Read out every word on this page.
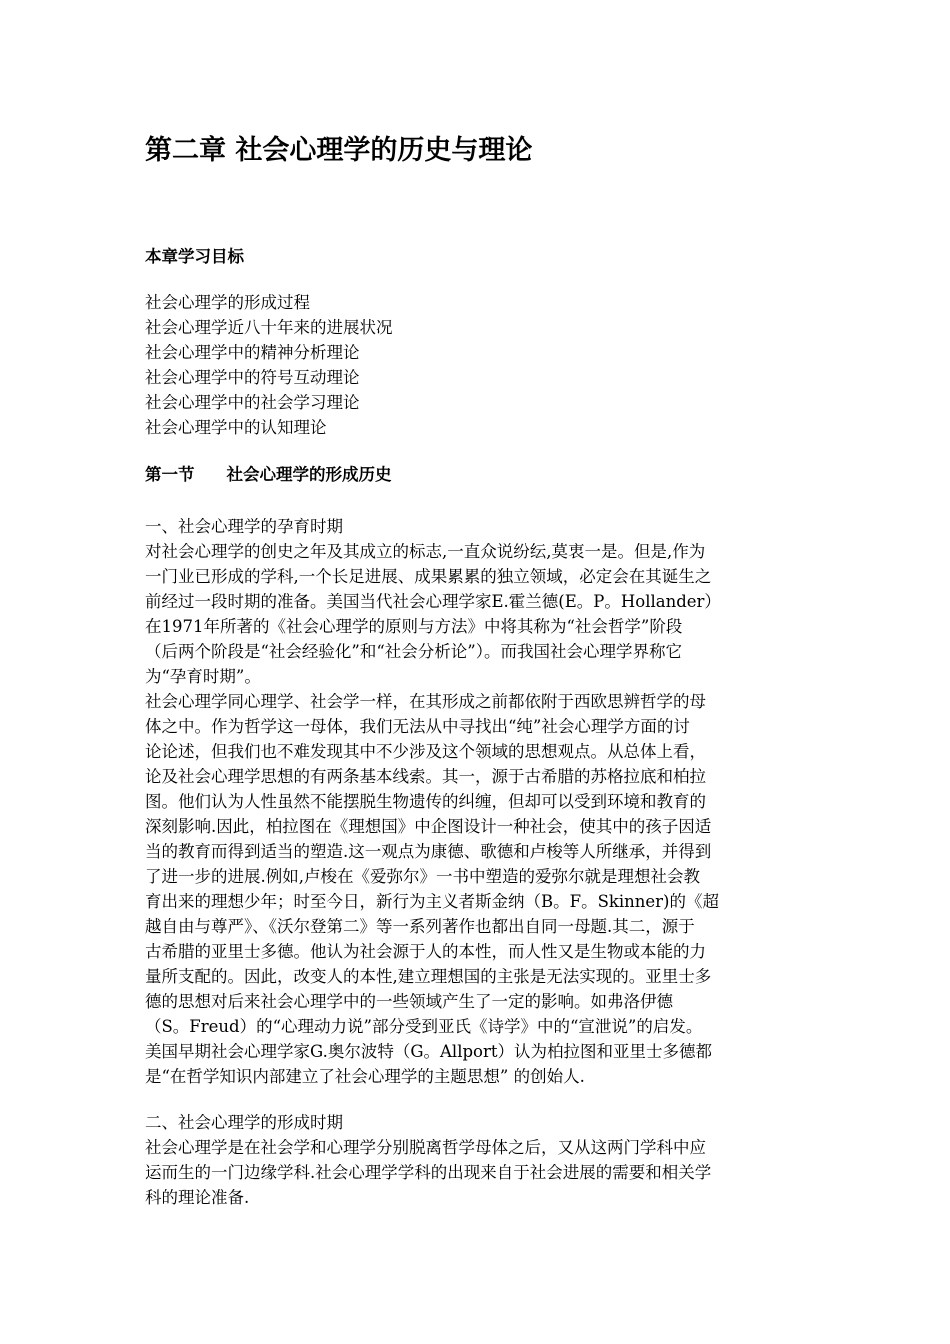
第二章 社会心理学的历史与理论
本章学习目标
社会心理学的形成过程
社会心理学近八十年来的进展状况
社会心理学中的精神分析理论
社会心理学中的符号互动理论
社会心理学中的社会学习理论
社会心理学中的认知理论
第一节 社会心理学的形成历史
一、社会心理学的孕育时期
对社会心理学的创史之年及其成立的标志,一直众说纷纭,莫衷一是。但是,作为
一门业已形成的学科,一个长足进展、成果累累的独立领域，必定会在其诞生之
前经过一段时期的准备。美国当代社会心理学家E.霍兰德(E。P。Hollander）
在1971年所著的《社会心理学的原则与方法》中将其称为“社会哲学”阶段
（后两个阶段是“社会经验化”和“社会分析论”）。而我国社会心理学界称它
为“孕育时期”。
社会心理学同心理学、社会学一样，在其形成之前都依附于西欧思辨哲学的母
体之中。作为哲学这一母体，我们无法从中寻找出“纯”社会心理学方面的讨
论论述，但我们也不难发现其中不少涉及这个领域的思想观点。从总体上看，
论及社会心理学思想的有两条基本线索。其一，源于古希腊的苏格拉底和柏拉
图。他们认为人性虽然不能摆脱生物遗传的纠缠，但却可以受到环境和教育的
深刻影响.因此，柏拉图在《理想国》中企图设计一种社会，使其中的孩子因适
当的教育而得到适当的塑造.这一观点为康德、歌德和卢梭等人所继承，并得到
了进一步的进展.例如,卢梭在《爱弥尔》一书中塑造的爱弥尔就是理想社会教
育出来的理想少年；时至今日，新行为主义者斯金纳（B。F。Skinner)的《超
越自由与尊严》、《沃尔登第二》等一系列著作也都出自同一母题.其二，源于
古希腊的亚里士多德。他认为社会源于人的本性，而人性又是生物或本能的力
量所支配的。因此，改变人的本性,建立理想国的主张是无法实现的。亚里士多
德的思想对后来社会心理学中的一些领域产生了一定的影响。如弗洛伊德
（S。Freud）的“心理动力说”部分受到亚氏《诗学》中的“宣泄说”的启发。
美国早期社会心理学家G.奥尔波特（G。Allport）认为柏拉图和亚里士多德都
是“在哲学知识内部建立了社会心理学的主题思想” 的创始人.
二、社会心理学的形成时期
社会心理学是在社会学和心理学分别脱离哲学母体之后，又从这两门学科中应
运而生的一门边缘学科.社会心理学学科的出现来自于社会进展的需要和相关学
科的理论准备.
